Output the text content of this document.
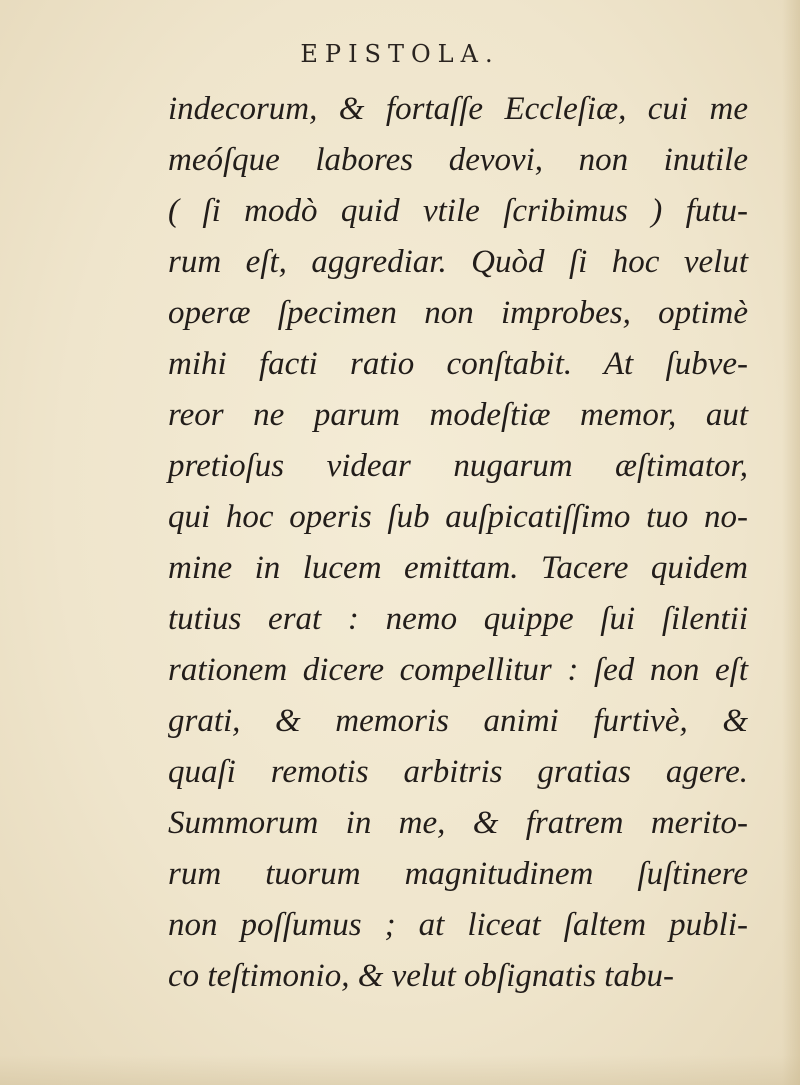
EPISTOLA.
indecorum, & fortaſſe Eccleſiæ, cui me
meóſque labores devovi, non inutile
( ſi modò quid vtile ſcribimus ) futu-
rum eſt, aggrediar. Quòd ſi hoc velut
operæ ſpecimen non improbes, optimè
mihi facti ratio conſtabit. At ſubve-
reor ne parum modeſtiæ memor, aut
pretioſus videar nugarum æſtimator,
qui hoc operis ſub auſpicatiſſimo tuo no-
mine in lucem emittam. Tacere quidem
tutius erat : nemo quippe ſui ſilentii
rationem dicere compellitur : ſed non eſt
grati, & memoris animi furtivè, &
quaſi remotis arbitris gratias agere.
Summorum in me, & fratrem merito-
rum tuorum magnitudinem ſuſtinere
non poſſumus ; at liceat ſaltem publi-
co teſtimonio, & velut obſignatis tabu-
